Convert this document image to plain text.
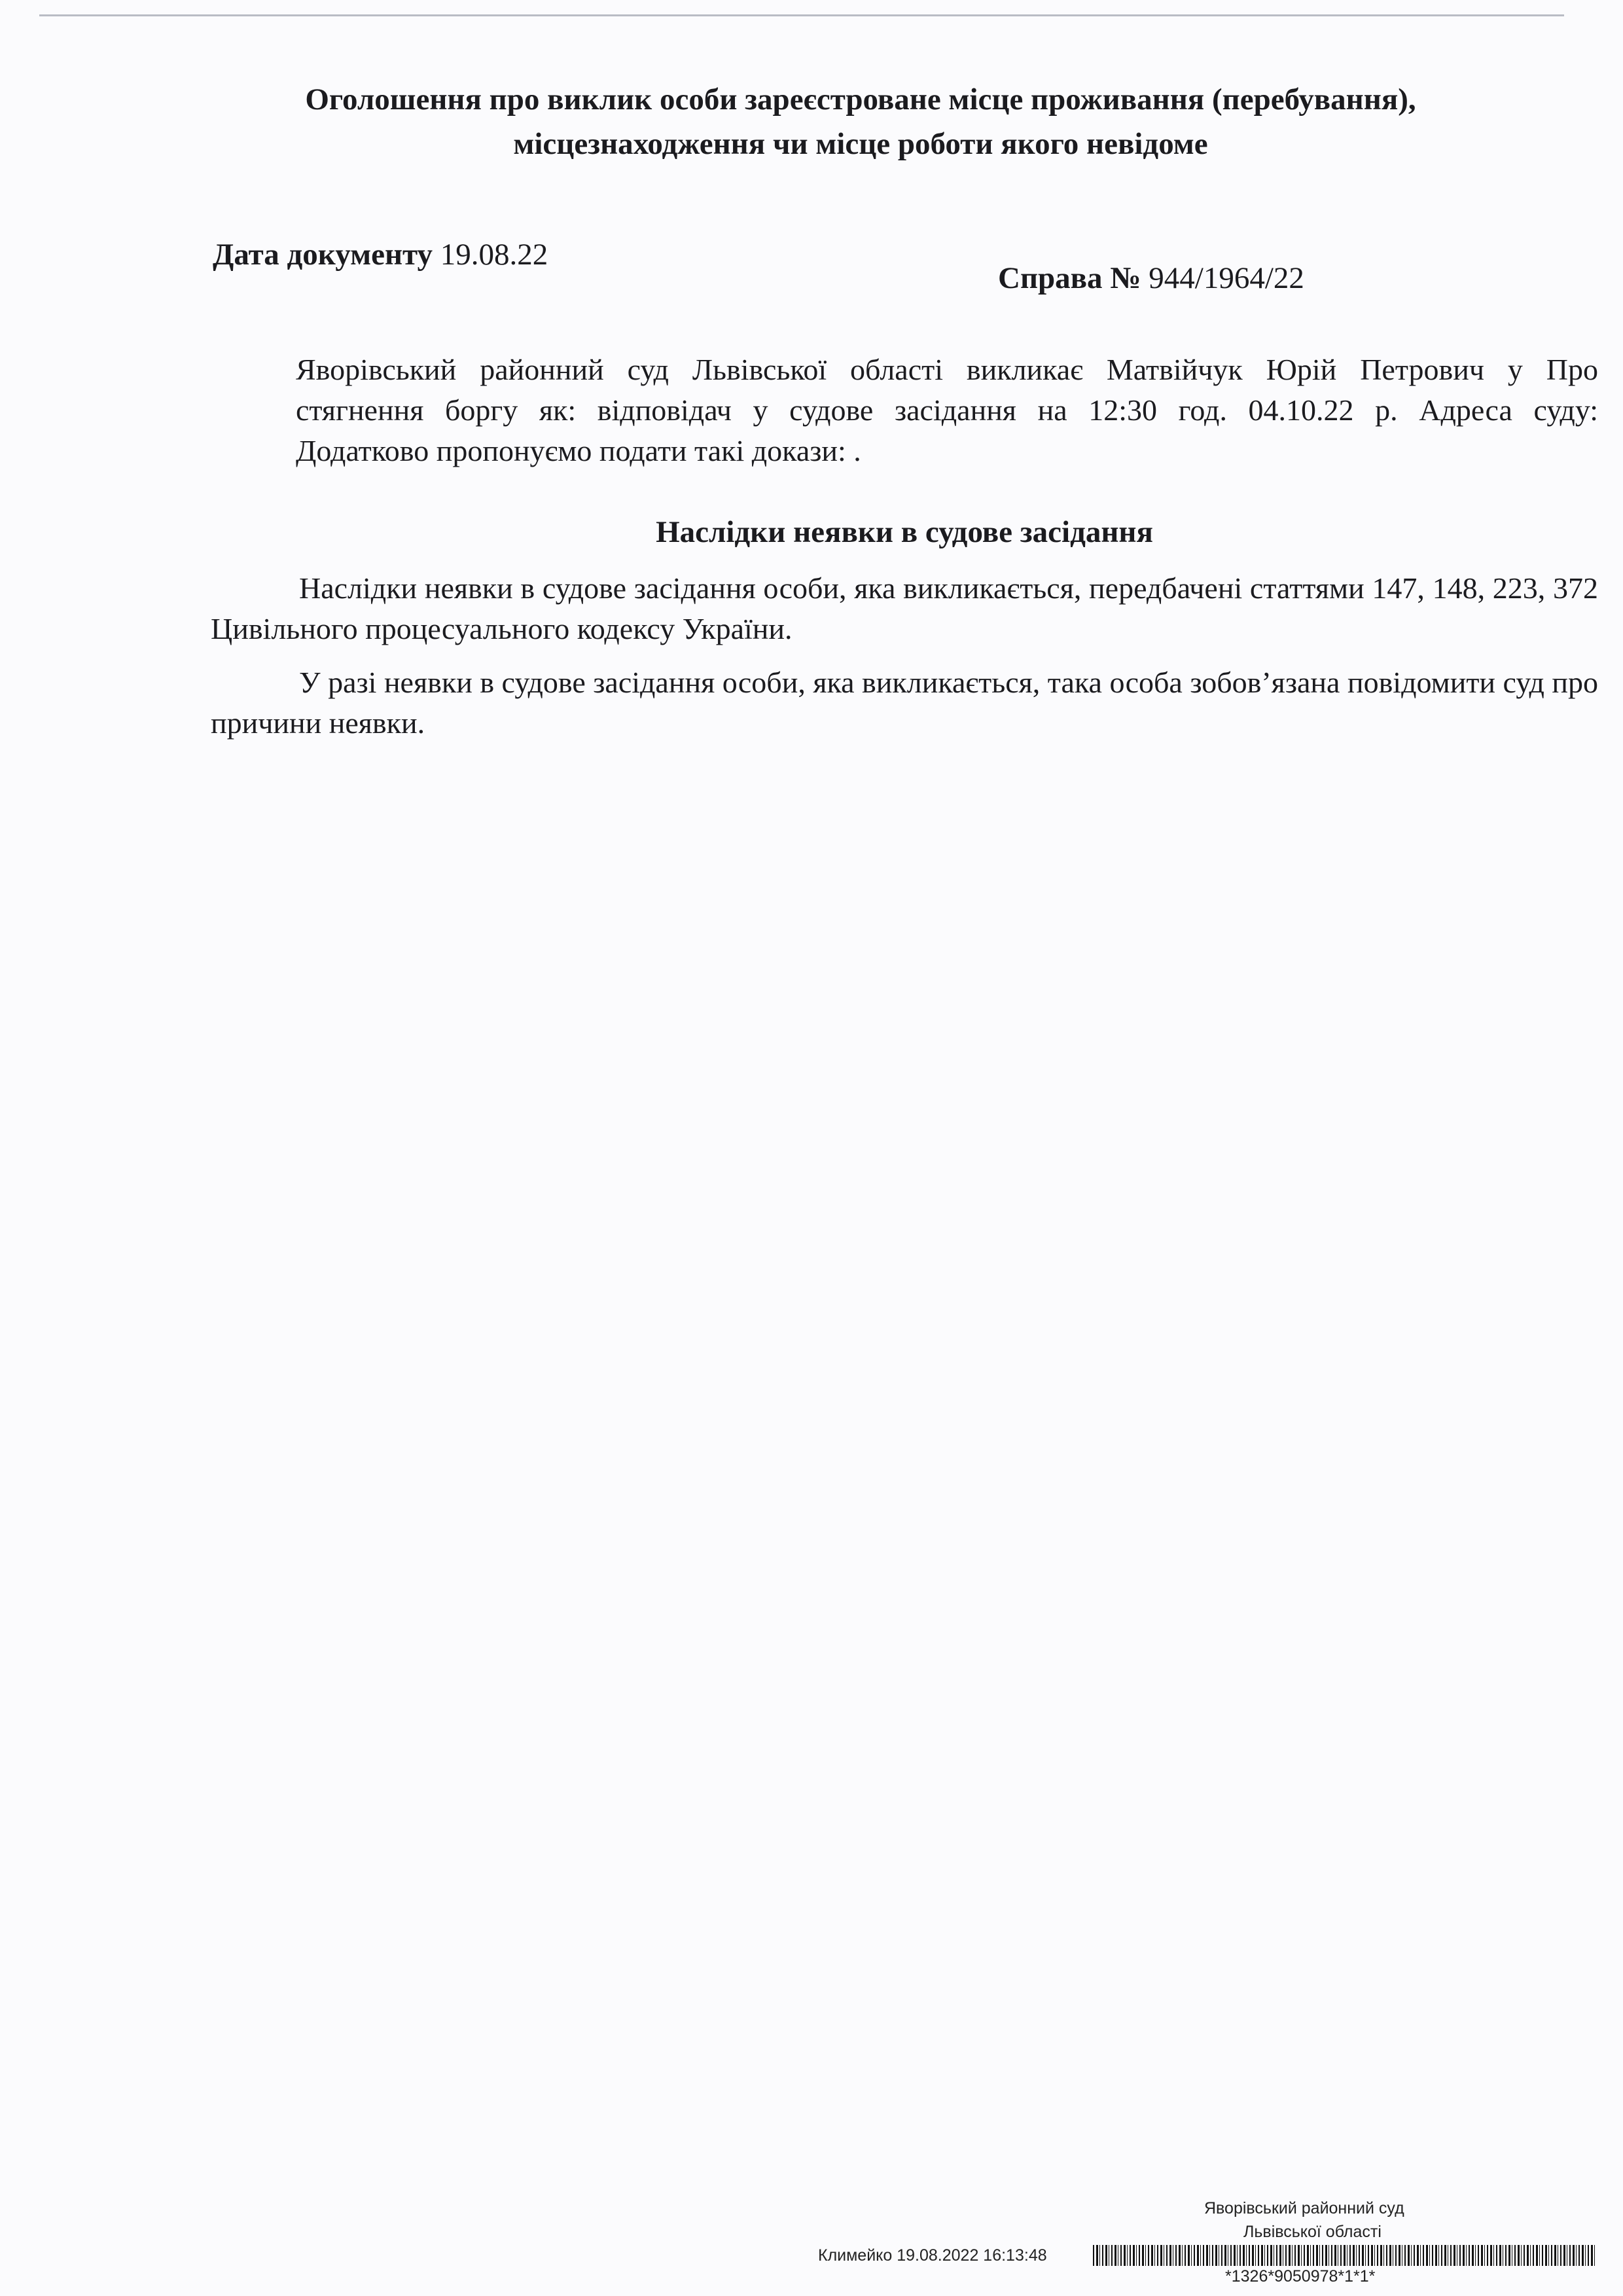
Оголошення про виклик особи зареєстроване місце проживання (перебування),
місцезнаходження чи місце роботи якого невідоме
Дата документу 19.08.22
Справа № 944/1964/22
Яворівський районний суд Львівської області викликає Матвійчук Юрій Петрович у Про
стягнення боргу як: відповідач у судове засідання на 12:30 год. 04.10.22 р. Адреса суду:
Додатково пропонуємо подати такі докази: .
Наслідки неявки в судове засідання
Наслідки неявки в судове засідання особи, яка викликається, передбачені статтями 147, 148, 223, 372 Цивільного процесуального кодексу України.
У разі неявки в судове засідання особи, яка викликається, така особа зобов’язана повідомити суд про причини неявки.
Яворівський районний суд
Львівської області
Климейко 19.08.2022 16:13:48
*1326*9050978*1*1*
